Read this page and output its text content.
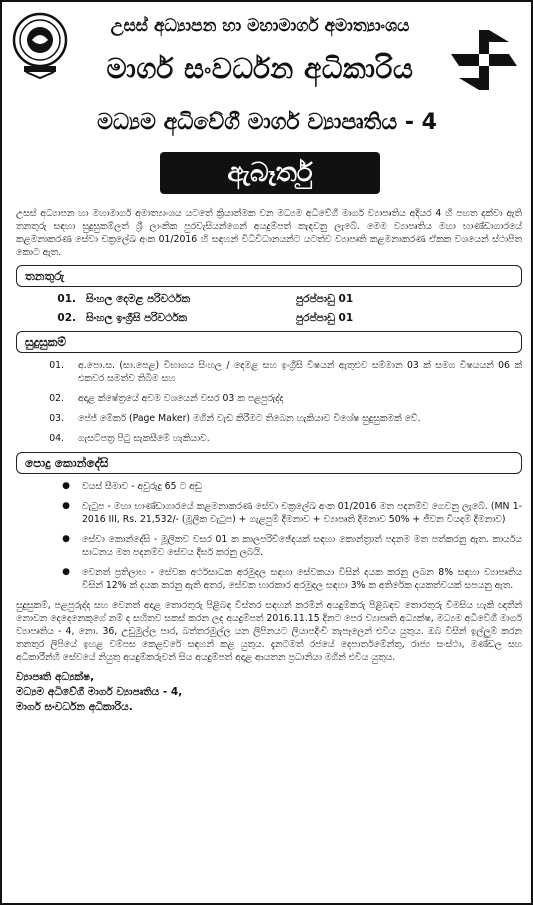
උසස් අධ්‍යාපන හා මහාමාර්ග අමාත්‍යාංශය
මාර්ග සංවර්ධන අධිකාරිය
මධ්‍යම අධිවේගී මාර්ග ව්‍යාපෘතිය - 4
ඇබෑර්තු

උසස් අධ්‍යාපන හා මහාමාර්ග අමාත්‍යාංශය යටතේ ක්‍රියාත්මක වන මධ්‍යම අධිවේගී මාර්ග ව්‍යාපෘතිය අදියර 4 හි පහත දක්වා ඇති තනතුරු සඳහා සුදුසුකම්ලත් ශ්‍රී ලාංකික පුරවැසියන්ගෙන් අයදුම්පත් කැඳවනු ලැබේ. මෙම ව්‍යාපෘතිය මහා භාණ්ඩාගාරයේ කළමනාකරණ සේවා චක්‍රලේඛ අංක 01/2016 හි සඳහන් විධිවිධානයන්ට යටත්ව ව්‍යාපෘති කළමනාකරණ ඒකක වශයෙන් ස්ථාපිත කොට ඇත.

තනතුරු
01. සිංහල දෙමළ පරිවර්ථක	පුරප්පාඩු 01
02. සිංහල ඉංග්‍රීසි පරිවර්ථක	පුරප්පාඩු 01
සුදුසුකම්
01.	අ.පො.ස. (සා.පෙළ) විභාගය සිංහල / දෙමළ සහ ඉංග්‍රීසි විෂයන් ඇතුළුව සම්මාන 03 ක් සමග විෂයයන් 06 ක් එකවර සමත්ව තිබීම සහ
02.	අදාළ ක්ෂේත්‍රයේ අවම වශයෙන් වසර 03 ක පළපුරුද්ද
03.	පේජ් මේකර් (Page Maker) මගින් වැඩ කිරීමට තිබෙන හැකියාව විශේෂ සුදුසුකමක් වේ.
04.	ගැසට්පත්‍ර පිටු සැකසීමේ හැකියාව.
පොදු කොන්දේසි
●	වයස් සීමාව - අවුරුදු 65 ට අඩු
●	වැටුප - මහා භාණ්ඩාගාරයේ කළමනාකරණ සේවා චක්‍රලේඛ අංක 01/2016 මත පදනම්ව ගෙවනු ලැබේ. (MN 1-2016 III, Rs. 21,532/- (මූලික වැටුප) + ගැළපුම් දීමනාව + ව්‍යාපෘති දීමනාව 50% + ජීවන වියදම් දීමනාව)
●	සේවා කොන්දේසි - මූලිකව වසර 01 ක කාලපරිච්ඡේදයක් සඳහා කොන්ත්‍රාත් පදනම මත පත්කරනු ඇත. කාර්යය සාධනය මත පදනම්ව සේවය දීර්ඝ කරනු ලබයි.
●	වෙනත් ප්‍රතිලාභ - සේවක අර්ථසාධක අරමුදල සඳහා සේවකයා විසින් දයක කරනු ලබන 8% සඳහා ව්‍යාපෘතිය විසින් 12% ක් දයක කරනු ඇති අතර, සේවක භාරකාර අරමුදල සඳහා 3% ක අතිරේක දයකත්වයක් සපයනු ඇත.

සුදුසුකම්, පළපුරුද්ද සහ වෙනත් අදාළ තොරතුරු පිළිබඳ විස්තර සඳහන් කරමින් අයදුම්කරු පිළිබඳව තොරතුරු විමසිය හැකි ඥාතීන් නොවන දෙදෙනෙකුගේ නම් ද සහිතව සකස් කරන ලද අයදුම්පත් 2016.11.15 දිනට පෙර ව්‍යාපෘති අධ්‍යක්ෂ, මධ්‍යම අධිවේගී මාර්ග ව්‍යාපෘතිය - 4, නො. 36, උඩුමුල්ල පාර, බත්තරමුල්ල යන ලිපිනයට ලියාපදිංචි තැපෑලෙන් එවිය යුතුය. ඔබ විසින් ඉල්ලුම් කරන තනතුර ලිපියේ ඉහළ වම්පස කෙළවරේ සඳහන් කළ යුතුය. දැනටමත් රජයේ දෙපාර්තමේන්තු, රාජ්‍ය සංස්ථා, මණ්ඩල සහ අධිකාරීන්හි සේවයේ නියුතු අයදුම්කරුවන් සිය අයදුම්පත් අදාළ ආයතන ප්‍රධානියා මගින් එවිය යුතුය.

ව්‍යාපෘති අධ්‍යක්ෂ,
මධ්‍යම අධිවේගී මාර්ග ව්‍යාපෘතිය - 4,
මාර්ග සංවර්ධන අධිකාරිය.
